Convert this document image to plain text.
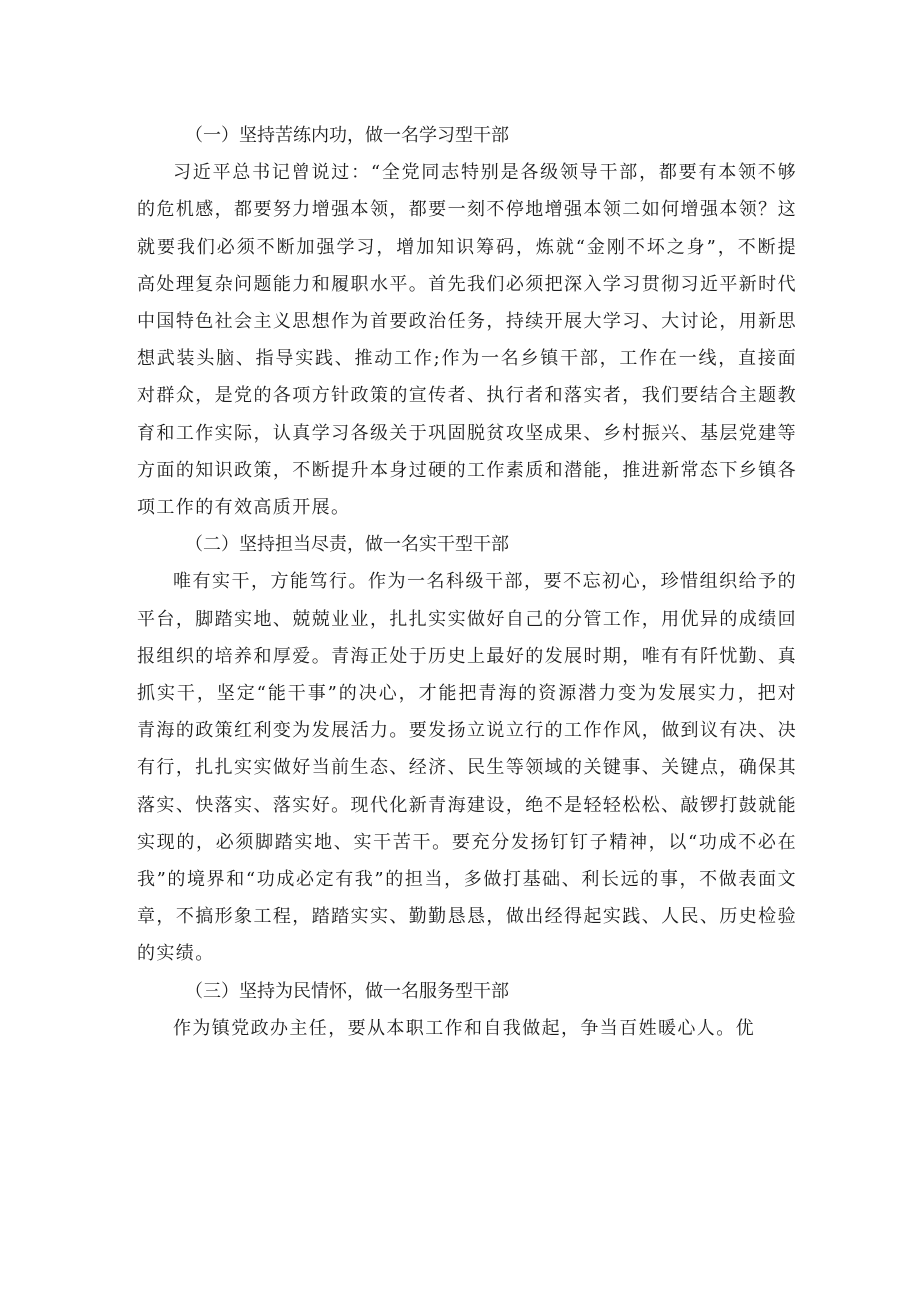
（一）坚持苦练内功，做一名学习型干部

习近平总书记曾说过：“全党同志特别是各级领导干部，都要有本领不够的危机感，都要努力增强本领，都要一刻不停地增强本领二如何增强本领？这就要我们必须不断加强学习，增加知识筹码，炼就“金刚不坏之身”，不断提高处理复杂问题能力和履职水平。首先我们必须把深入学习贯彻习近平新时代中国特色社会主义思想作为首要政治任务，持续开展大学习、大讨论，用新思想武装头脑、指导实践、推动工作;作为一名乡镇干部，工作在一线，直接面对群众，是党的各项方针政策的宣传者、执行者和落实者，我们要结合主题教育和工作实际，认真学习各级关于巩固脱贫攻坚成果、乡村振兴、基层党建等方面的知识政策，不断提升本身过硬的工作素质和潜能，推进新常态下乡镇各项工作的有效高质开展。

（二）坚持担当尽责，做一名实干型干部

唯有实干，方能笃行。作为一名科级干部，要不忘初心，珍惜组织给予的平台，脚踏实地、兢兢业业，扎扎实实做好自己的分管工作，用优异的成绩回报组织的培养和厚爱。青海正处于历史上最好的发展时期，唯有有阡忧勤、真抓实干，坚定“能干事”的决心，才能把青海的资源潜力变为发展实力，把对青海的政策红利变为发展活力。要发扬立说立行的工作作风，做到议有决、决有行，扎扎实实做好当前生态、经济、民生等领域的关键事、关键点，确保其落实、快落实、落实好。现代化新青海建设，绝不是轻轻松松、敲锣打鼓就能实现的，必须脚踏实地、实干苦干。要充分发扬钉钉子精神，以“功成不必在我”的境界和“功成必定有我”的担当，多做打基础、利长远的事，不做表面文章，不搞形象工程，踏踏实实、勤勤恳恳，做出经得起实践、人民、历史检验的实绩。

（三）坚持为民情怀，做一名服务型干部

作为镇党政办主任，要从本职工作和自我做起，争当百姓暖心人。优
